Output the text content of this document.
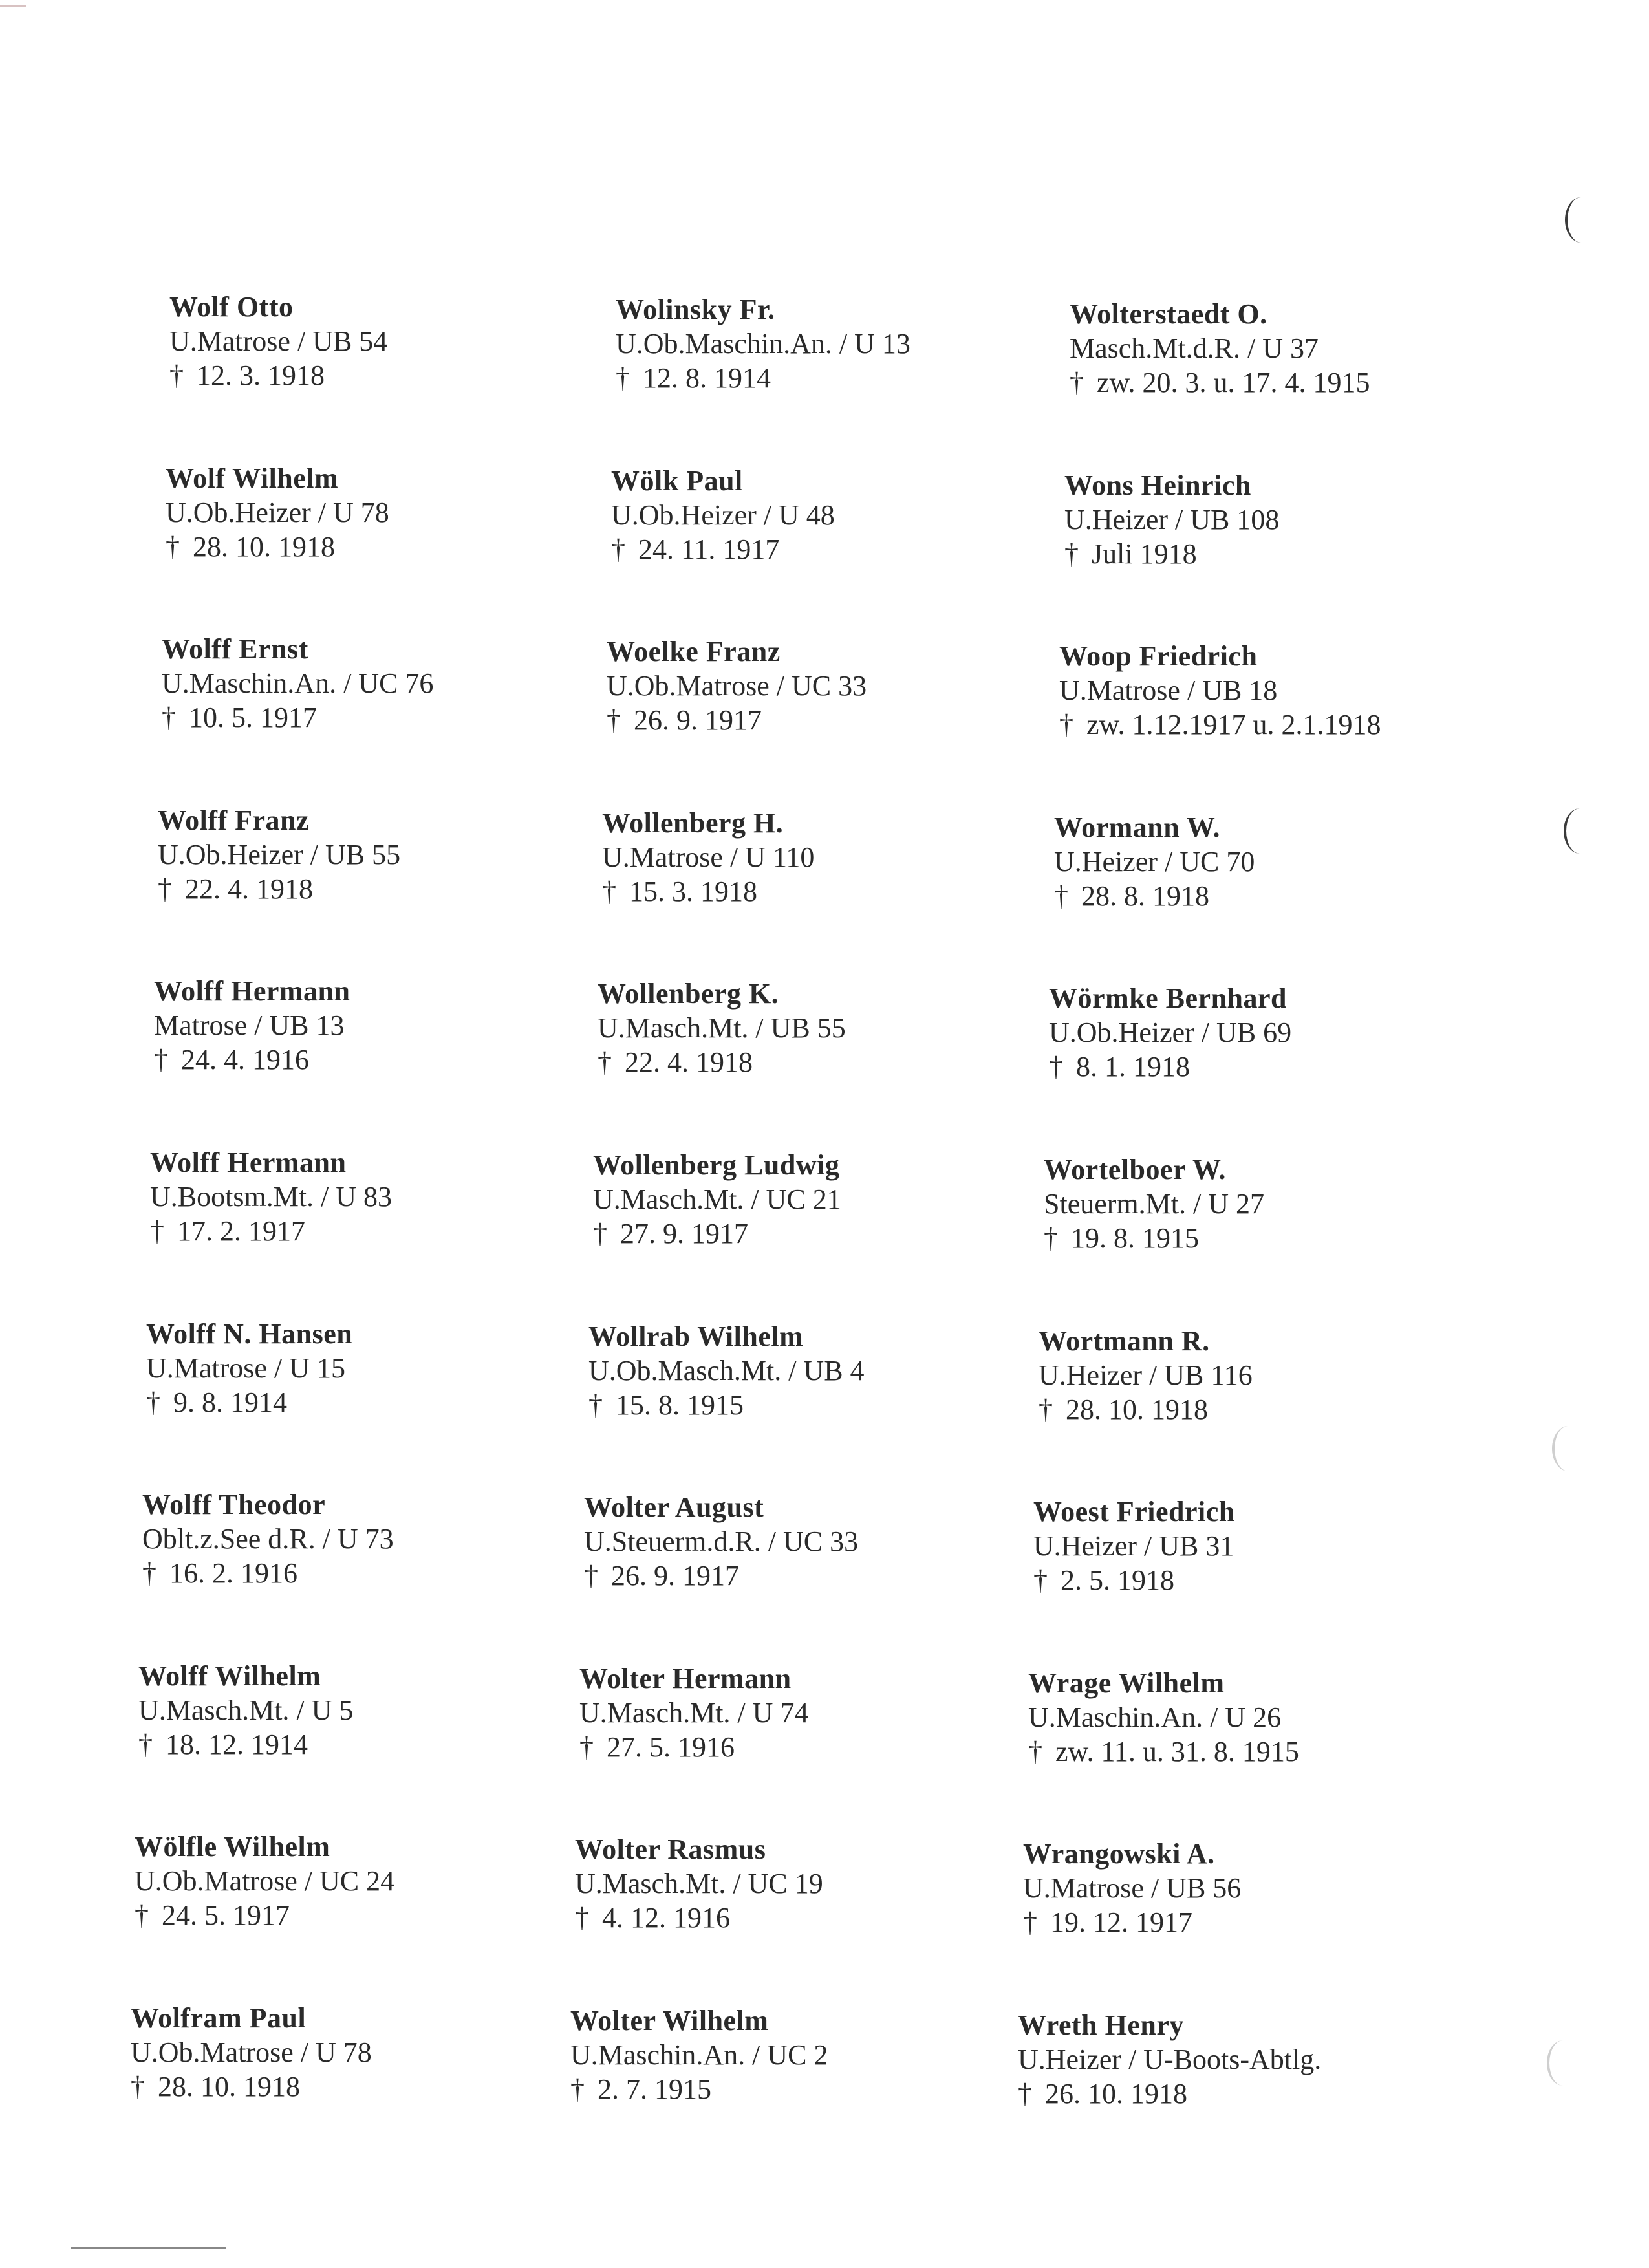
Wolf Otto
U.Matrose / UB 54
† 12. 3. 1918
Wolf Wilhelm
U.Ob.Heizer / U 78
† 28. 10. 1918
Wolff Ernst
U.Maschin.An. / UC 76
† 10. 5. 1917
Wolff Franz
U.Ob.Heizer / UB 55
† 22. 4. 1918
Wolff Hermann
Matrose / UB 13
† 24. 4. 1916
Wolff Hermann
U.Bootsm.Mt. / U 83
† 17. 2. 1917
Wolff N. Hansen
U.Matrose / U 15
† 9. 8. 1914
Wolff Theodor
Oblt.z.See d.R. / U 73
† 16. 2. 1916
Wolff Wilhelm
U.Masch.Mt. / U 5
† 18. 12. 1914
Wölfle Wilhelm
U.Ob.Matrose / UC 24
† 24. 5. 1917
Wolfram Paul
U.Ob.Matrose / U 78
† 28. 10. 1918
Wolinsky Fr.
U.Ob.Maschin.An. / U 13
† 12. 8. 1914
Wölk Paul
U.Ob.Heizer / U 48
† 24. 11. 1917
Woelke Franz
U.Ob.Matrose / UC 33
† 26. 9. 1917
Wollenberg H.
U.Matrose / U 110
† 15. 3. 1918
Wollenberg K.
U.Masch.Mt. / UB 55
† 22. 4. 1918
Wollenberg Ludwig
U.Masch.Mt. / UC 21
† 27. 9. 1917
Wollrab Wilhelm
U.Ob.Masch.Mt. / UB 4
† 15. 8. 1915
Wolter August
U.Steuerm.d.R. / UC 33
† 26. 9. 1917
Wolter Hermann
U.Masch.Mt. / U 74
† 27. 5. 1916
Wolter Rasmus
U.Masch.Mt. / UC 19
† 4. 12. 1916
Wolter Wilhelm
U.Maschin.An. / UC 2
† 2. 7. 1915
Wolterstaedt O.
Masch.Mt.d.R. / U 37
† zw. 20. 3. u. 17. 4. 1915
Wons Heinrich
U.Heizer / UB 108
† Juli 1918
Woop Friedrich
U.Matrose / UB 18
† zw. 1.12.1917 u. 2.1.1918
Wormann W.
U.Heizer / UC 70
† 28. 8. 1918
Wörmke Bernhard
U.Ob.Heizer / UB 69
† 8. 1. 1918
Wortelboer W.
Steuerm.Mt. / U 27
† 19. 8. 1915
Wortmann R.
U.Heizer / UB 116
† 28. 10. 1918
Woest Friedrich
U.Heizer / UB 31
† 2. 5. 1918
Wrage Wilhelm
U.Maschin.An. / U 26
† zw. 11. u. 31. 8. 1915
Wrangowski A.
U.Matrose / UB 56
† 19. 12. 1917
Wreth Henry
U.Heizer / U-Boots-Abtlg.
† 26. 10. 1918
